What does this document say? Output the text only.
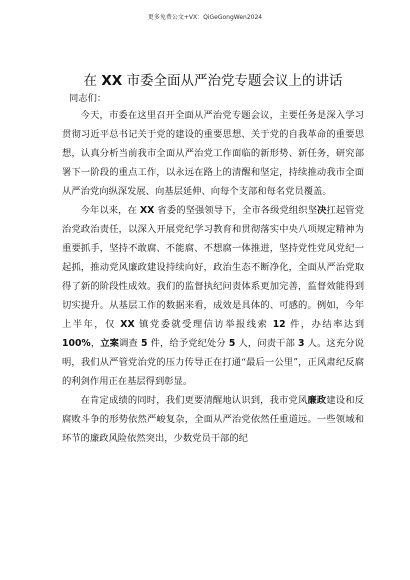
更多免费公文+VX：QiGeGongWen2024
在 XX 市委全面从严治党专题会议上的讲话

同志们：

今天，市委在这里召开全面从严治党专题会议，主要任务是深入学习贯彻习近平总书记关于党的建设的重要思想、关于党的自我革命的重要思想，认真分析当前我市全面从严治党工作面临的新形势、新任务，研究部署下一阶段的重点工作，以永远在路上的清醒和坚定，持续推动我市全面从严治党向纵深发展、向基层延伸、向每个支部和每名党员覆盖。

今年以来，在 XX 省委的坚强领导下，全市各级党组织坚决扛起管党治党政治责任，以深入开展党纪学习教育和贯彻落实中央八项规定精神为重要抓手，坚持不敢腐、不能腐、不想腐一体推进，坚持党性党风党纪一起抓，推动党风廉政建设持续向好，政治生态不断净化，全面从严治党取得了新的阶段性成效。我们的监督执纪问责体系更加完善，监督效能得到切实提升。从基层工作的数据来看，成效是具体的、可感的。例如，今年上半年，仅 XX 镇党委就受理信访举报线索 12 件，办结率达到 100%，立案调查 5 件，给予党纪处分 5 人，问责干部 3 人。这充分说明，我们从严管党治党的压力传导正在打通“最后一公里”，正风肃纪反腐的利剑作用正在基层得到彰显。

在肯定成绩的同时，我们更要清醒地认识到，我市党风廉政建设和反腐败斗争的形势依然严峻复杂，全面从严治党依然任重道远。一些领域和环节的廉政风险依然突出，少数党员干部的纪
